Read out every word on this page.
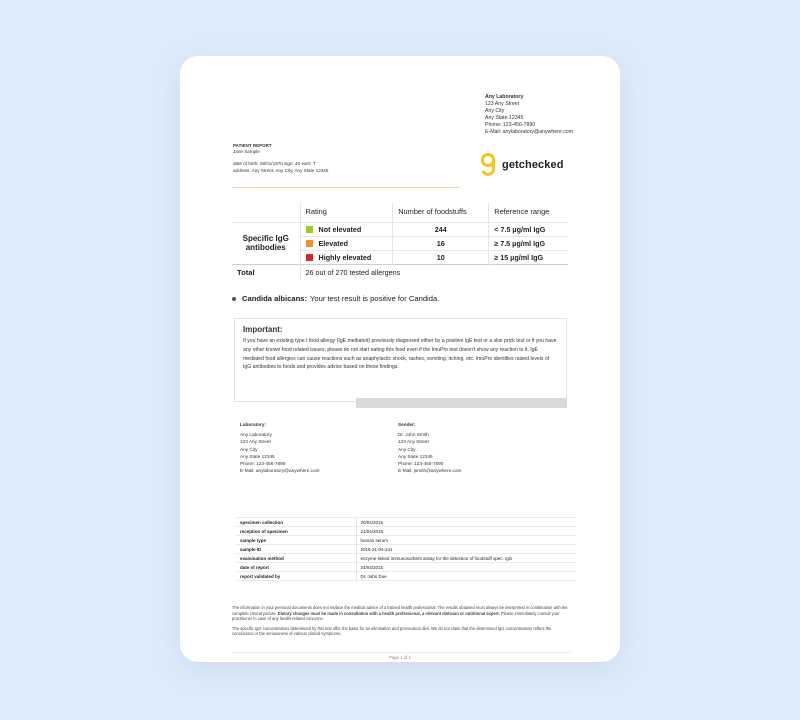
Any Laboratory
123 Any Street
Any City
Any State 12345
Phone: 123-456-7890
E-Mail: anylaboratory@anywhere.com
PATIENT REPORT
Jane Sample
date of birth: 28/01/1970 sign: 40 ears: T
address: Any Street, Any City, Any State 12345	getchecked
	Rating	Number of foodstuffs	Reference range
Specific IgG antibodies	Not elevated	244	< 7.5 µg/ml IgG
	Elevated	16	≥ 7.5 µg/ml IgG
	Highly elevated	10	≥ 15 µg/ml IgG
Total	26 out of 270 tested allergens		
Candida albicans: Your test result is positive for Candida.
Important:
If you have an existing type I food allergy (IgE mediated) previously diagnosed either by a positive IgE test or a skin prick test or if you have any other known food related issues, please do not start eating this food even if the ImuPro test doesn't show any reaction to it. IgE mediated food allergies can cause reactions such as anaphylactic shock, rashes, vomiting, itching, etc. ImuPro identifies raised levels of IgG antibodies to foods and provides advice based on these findings.
Laboratory:
Any Laboratory
123 Any Street
Any City
Any State 12345
Phone: 123-456-7890
E-Mail: anylaboratory@anywhere.com
Sender:
Dr. John Smith
123 Any Street
Any City
Any State 12345
Phone: 123-456-7890
E-Mail: jsmith@anywhere.com
specimen collection	20/04/2015
reception of specimen	21/04/2015
sample type	human serum
sample ID	2015-21-04-241
examination method	enzyme-linked immunosorbent assay for the detection of foodstuff spec. IgG
date of report	24/04/2015
report validated by	Dr. John Doe

The information in your personal documents does not replace the medical advice of a trained health professional. The results obtained must always be interpreted in combination with the complete clinical picture. Dietary changes must be made in consultation with a health professional, a relevant dietician or nutritional expert. Please immediately consult your practitioner in case of any health-related concerns.

The specific IgG concentrations determined by this test offer the basis for an elimination and provocation diet. We do not claim that the determined IgG concentrations reflect the conclusions or the seriousness of various clinical symptoms.

Page 1 of 1
